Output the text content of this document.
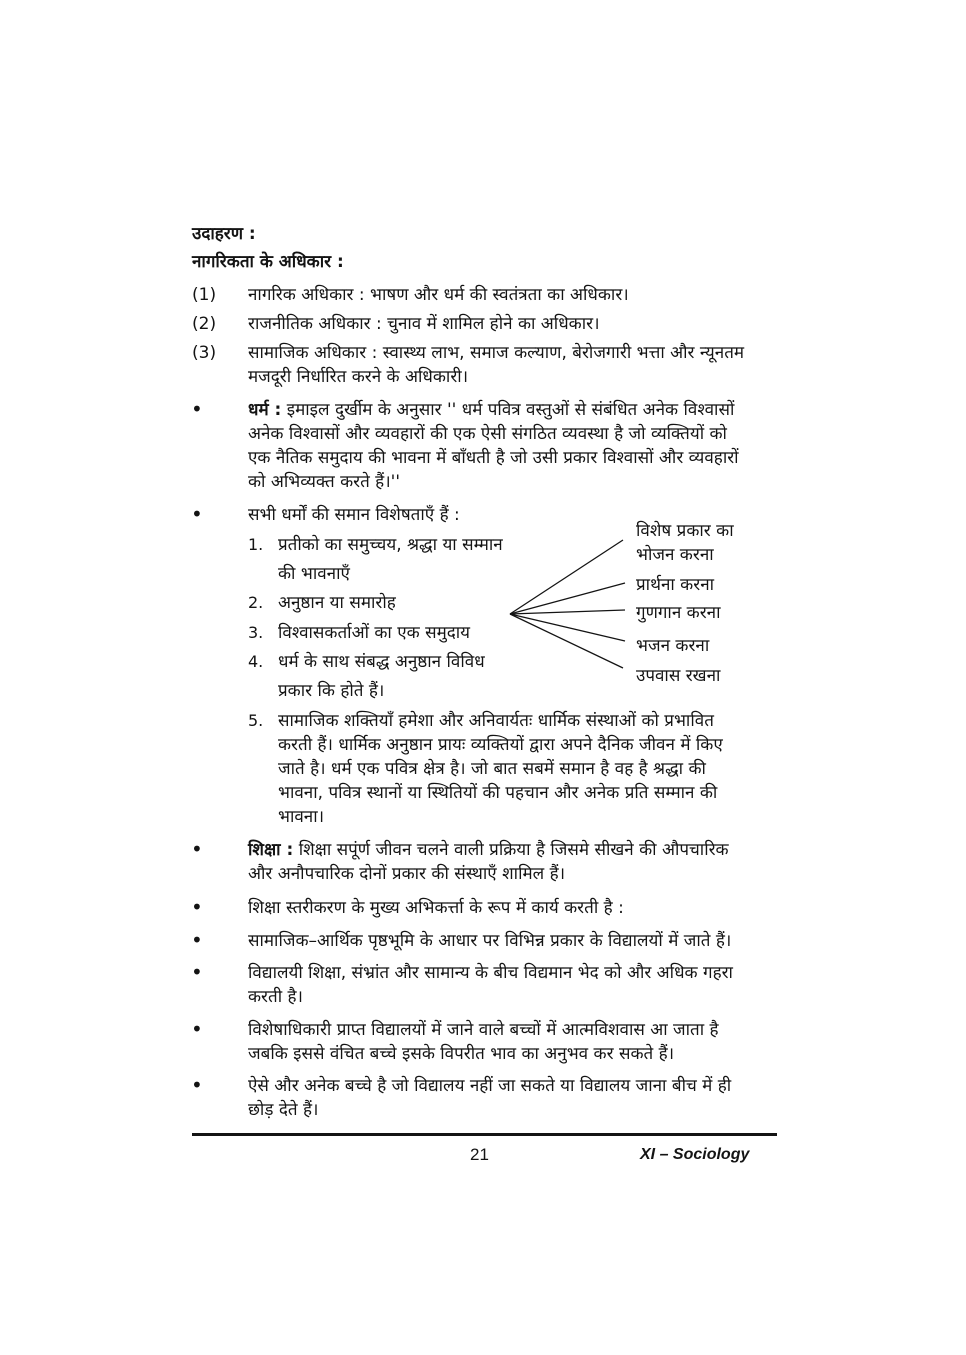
उदाहरण :
नागरिकता के अधिकार :
(1) नागरिक अधिकार : भाषण और धर्म की स्वतंत्रता का अधिकार।
(2) राजनीतिक अधिकार : चुनाव में शामिल होने का अधिकार।
(3) सामाजिक अधिकार : स्वास्थ्य लाभ, समाज कल्याण, बेरोजगारी भत्ता और न्यूनतम
मजदूरी निर्धारित करने के अधिकारी।
•	धर्म : इमाइल दुर्खीम के अनुसार '' धर्म पवित्र वस्तुओं से संबंधित अनेक विश्वासों
अनेक विश्वासों और व्यवहारों की एक ऐसी संगठित व्यवस्था है जो व्यक्तियों को
एक नैतिक समुदाय की भावना में बाँधती है जो उसी प्रकार विश्वासों और व्यवहारों
को अभिव्यक्त करते हैं।''
•	सभी धर्मों की समान विशेषताएँ हैं :
1. प्रतीको का समुच्चय, श्रद्धा या सम्मान
की भावनाएँ
2. अनुष्ठान या समारोह
3. विश्वासकर्ताओं का एक समुदाय
4. धर्म के साथ संबद्ध अनुष्ठान विविध
प्रकार कि होते हैं।
विशेष प्रकार का
भोजन करना
प्रार्थना करना
गुणगान करना
भजन करना
उपवास रखना
5. सामाजिक शक्तियाँ हमेशा और अनिवार्यतः धार्मिक संस्थाओं को प्रभावित
करती हैं। धार्मिक अनुष्ठान प्रायः व्यक्तियों द्वारा अपने दैनिक जीवन में किए
जाते है। धर्म एक पवित्र क्षेत्र है। जो बात सबमें समान है वह है श्रद्धा की
भावना, पवित्र स्थानों या स्थितियों की पहचान और अनेक प्रति सम्मान की
भावना।
•	शिक्षा : शिक्षा सपूंर्ण जीवन चलने वाली प्रक्रिया है जिसमे सीखने की औपचारिक
और अनौपचारिक दोनों प्रकार की संस्थाएँ शामिल हैं।
•	शिक्षा स्तरीकरण के मुख्य अभिकर्त्ता के रूप में कार्य करती है :
•	सामाजिक–आर्थिक पृष्ठभूमि के आधार पर विभिन्न प्रकार के विद्यालयों में जाते हैं।
•	विद्यालयी शिक्षा, संभ्रांत और सामान्य के बीच विद्यमान भेद को और अधिक गहरा
करती है।
•	विशेषाधिकारी प्राप्त विद्यालयों में जाने वाले बच्चों में आत्मविशवास आ जाता है
जबकि इससे वंचित बच्चे इसके विपरीत भाव का अनुभव कर सकते हैं।
•	ऐसे और अनेक बच्चे है जो विद्यालय नहीं जा सकते या विद्यालय जाना बीच में ही
छोड़ देते हैं।
21	XI – Sociology
